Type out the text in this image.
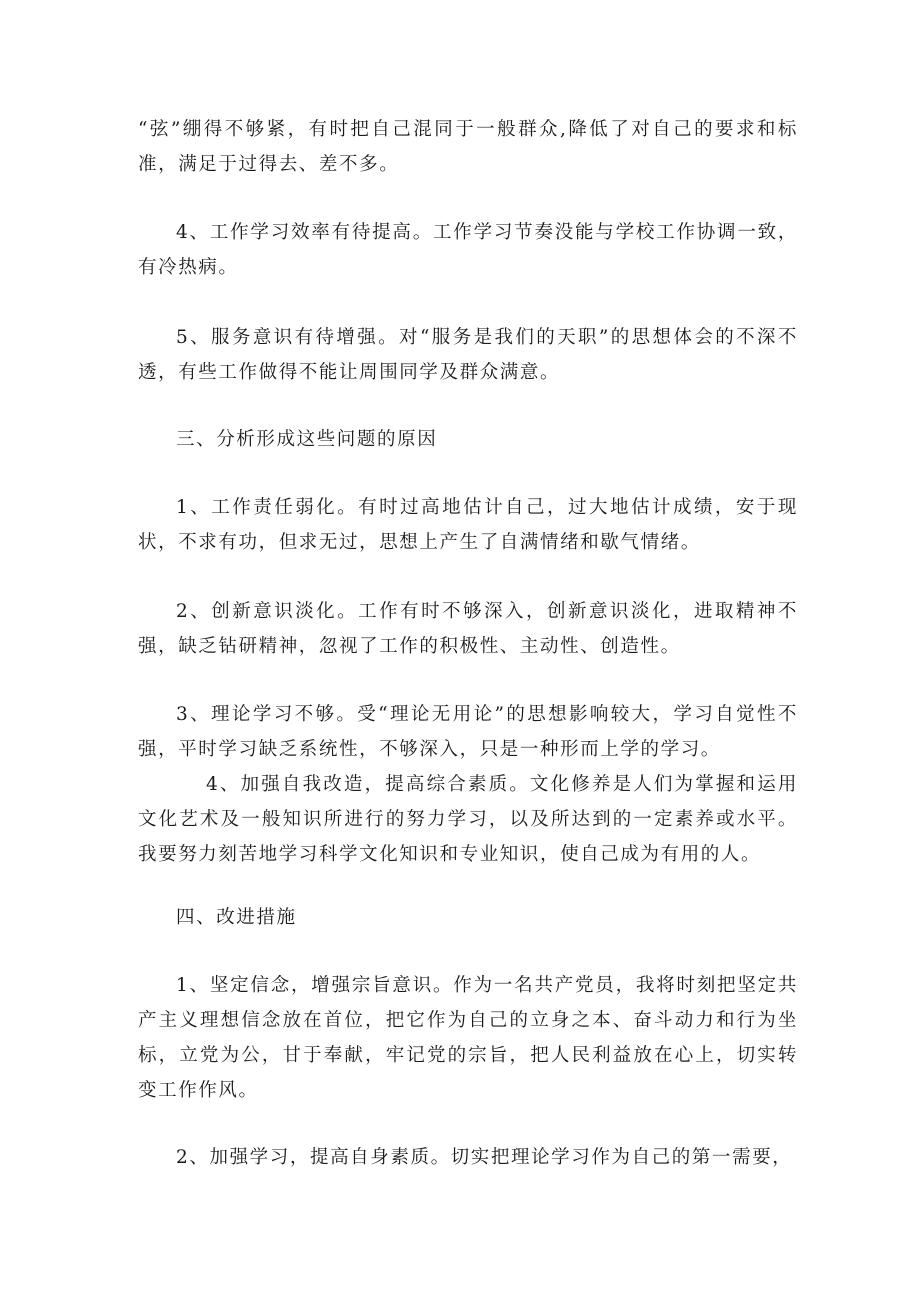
“弦”绷得不够紧，有时把自己混同于一般群众,降低了对自己的要求和标准，满足于过得去、差不多。

4、工作学习效率有待提高。工作学习节奏没能与学校工作协调一致，有冷热病。

5、服务意识有待增强。对“服务是我们的天职”的思想体会的不深不透，有些工作做得不能让周围同学及群众满意。

三、分析形成这些问题的原因

1、工作责任弱化。有时过高地估计自己，过大地估计成绩，安于现状，不求有功，但求无过，思想上产生了自满情绪和歇气情绪。

2、创新意识淡化。工作有时不够深入，创新意识淡化，进取精神不强，缺乏钻研精神，忽视了工作的积极性、主动性、创造性。

3、理论学习不够。受“理论无用论”的思想影响较大，学习自觉性不强，平时学习缺乏系统性，不够深入，只是一种形而上学的学习。

4、加强自我改造，提高综合素质。文化修养是人们为掌握和运用文化艺术及一般知识所进行的努力学习，以及所达到的一定素养或水平。我要努力刻苦地学习科学文化知识和专业知识，使自己成为有用的人。

四、改进措施

1、坚定信念，增强宗旨意识。作为一名共产党员，我将时刻把坚定共产主义理想信念放在首位，把它作为自己的立身之本、奋斗动力和行为坐标，立党为公，甘于奉献，牢记党的宗旨，把人民利益放在心上，切实转变工作作风。

2、加强学习，提高自身素质。切实把理论学习作为自己的第一需要，
